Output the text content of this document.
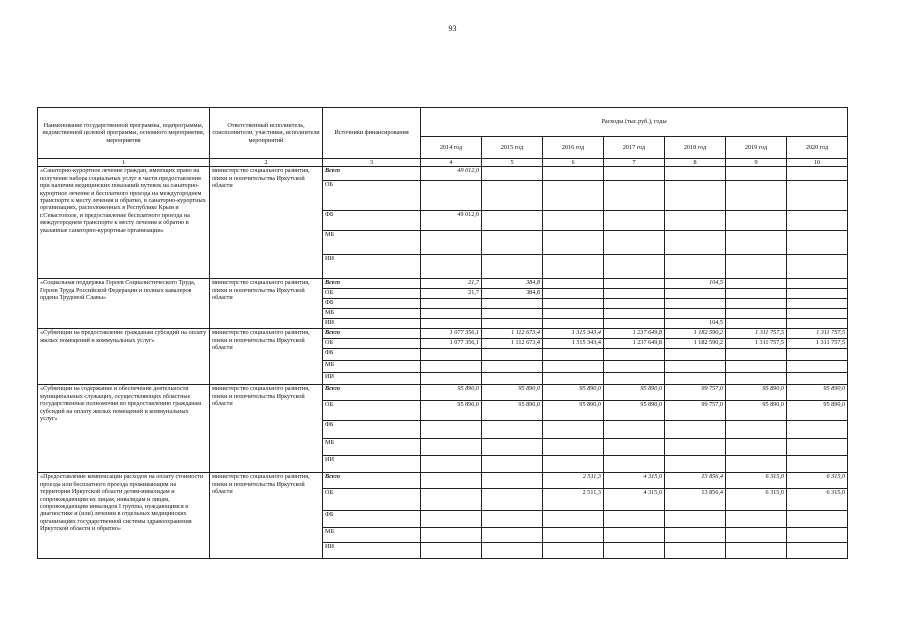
93
Наименование государственной программы, подпрограммы, ведомственной целевой программы, основного мероприятия, мероприятия	Ответственный исполнитель, соисполнители, участники, исполнители мероприятий	Источники финансирования	Расходы (тыс.руб.), годы						
			2014 год	2015 год	2016 год	2017 год	2018 год	2019 год	2020 год
1	2	3	4	5	6	7	8	9	10
«Санаторно-курортное лечение граждан, имеющих право на получение набора социальных услуг в части предоставления при наличии медицинских показаний путевок на санаторно-курортное лечение и бесплатного проезда на междугороднем транспорте к месту лечения и обратно, в санаторно-курортных организациях, расположенных в Республике Крым и г.Севастополе, и предоставление бесплатного проезда на междугороднем транспорте к месту лечения и обратно в указанные санаторно-курортные организации»	министерство социального развития, опеки и попечительства Иркутской области	Всего	49 012,0						
		ОБ							
		ФБ	49 012,0						
		МБ							
		ИИ							
«Социальная поддержка Героев Социалистического Труда, Героев Труда Российской Федерации и полных кавалеров ордена Трудовой Славы»	министерство социального развития, опеки и попечительства Иркутской области	Всего	21,7	384,8			104,5		
		ОБ	21,7	384,8					
		ФБ							
		МБ							
		ИИ					104,5		
«Субвенции на предоставление гражданам субсидий на оплату жилых помещений и коммунальных услуг»	министерство социального развития, опеки и попечительства Иркутской области	Всего	1 077 356,1	1 112 673,4	1 315 343,4	1 237 649,8	1 182 590,2	1 311 757,5	1 311 757,5
		ОБ	1 077 356,1	1 112 673,4	1 315 343,4	1 237 649,8	1 182 590,2	1 311 757,5	1 311 757,5
		ФБ							
		МБ							
		ИИ							
«Субвенции на содержание и обеспечение деятельности муниципальных служащих, осуществляющих областные государственные полномочия по предоставлению гражданам субсидий на оплату жилых помещений и коммунальных услуг»	министерство социального развития, опеки и попечительства Иркутской области	Всего	95 890,0	95 890,0	95 890,0	95 890,0	99 757,0	95 890,0	95 890,0
		ОБ	95 890,0	95 890,0	95 890,0	95 890,0	99 757,0	95 890,0	95 890,0
		ФБ							
		МБ							
		ИИ							
«Предоставление компенсации расходов на оплату стоимости проезда или бесплатного проезда проживающим на территории Иркутской области детям-инвалидам и сопровождающим их лицам, инвалидам и лицам, сопровождающим инвалидов I группы, нуждающимся в диагностике и (или) лечении в отдельных медицинских организациях государственной системы здравоохранения Иркутской области и обратно»	министерство социального развития, опеки и попечительства Иркутской области	Всего			2 511,3	4 315,0	13 856,4	6 315,0	6 315,0
		ОБ			2 511,3	4 315,0	13 856,4	6 315,0	6 315,0
		ФБ							
		МБ							
		ИИ							
